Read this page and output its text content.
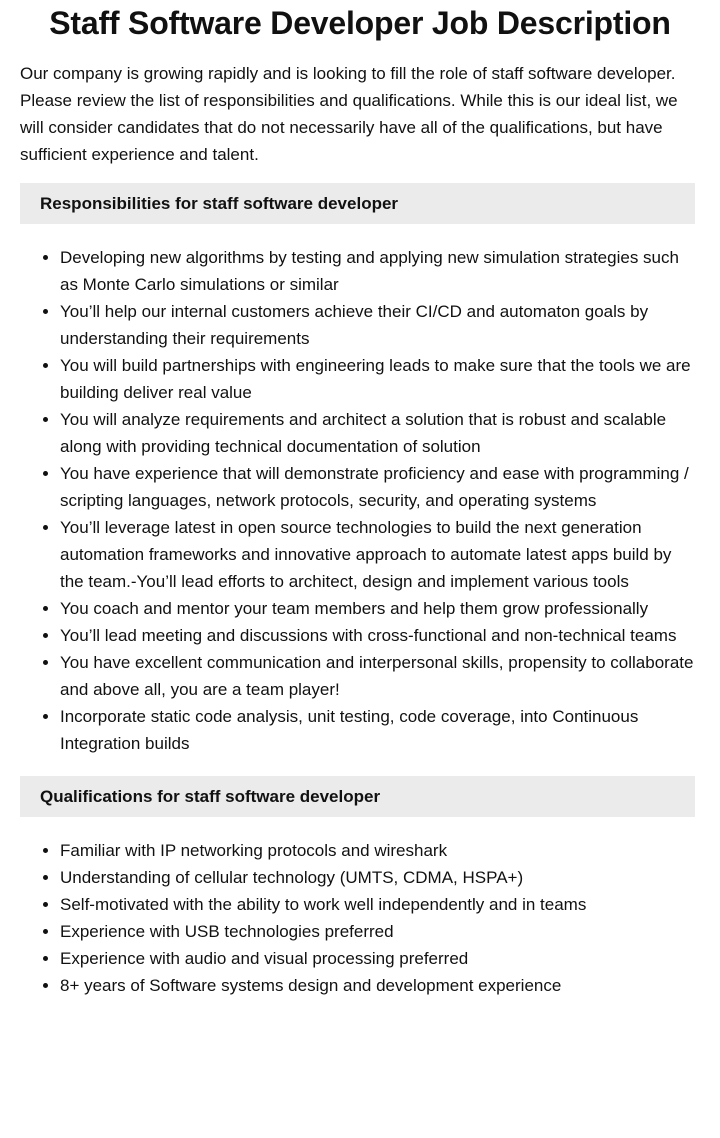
Staff Software Developer Job Description

Our company is growing rapidly and is looking to fill the role of staff software developer. Please review the list of responsibilities and qualifications. While this is our ideal list, we will consider candidates that do not necessarily have all of the qualifications, but have sufficient experience and talent.

Responsibilities for staff software developer
• Developing new algorithms by testing and applying new simulation strategies such as Monte Carlo simulations or similar
• You’ll help our internal customers achieve their CI/CD and automaton goals by understanding their requirements
• You will build partnerships with engineering leads to make sure that the tools we are building deliver real value
• You will analyze requirements and architect a solution that is robust and scalable along with providing technical documentation of solution
• You have experience that will demonstrate proficiency and ease with programming / scripting languages, network protocols, security, and operating systems
• You’ll leverage latest in open source technologies to build the next generation automation frameworks and innovative approach to automate latest apps build by the team.-You’ll lead efforts to architect, design and implement various tools
• You coach and mentor your team members and help them grow professionally
• You’ll lead meeting and discussions with cross-functional and non-technical teams
• You have excellent communication and interpersonal skills, propensity to collaborate and above all, you are a team player!
• Incorporate static code analysis, unit testing, code coverage, into Continuous Integration builds
Qualifications for staff software developer
• Familiar with IP networking protocols and wireshark
• Understanding of cellular technology (UMTS, CDMA, HSPA+)
• Self-motivated with the ability to work well independently and in teams
• Experience with USB technologies preferred
• Experience with audio and visual processing preferred
• 8+ years of Software systems design and development experience
